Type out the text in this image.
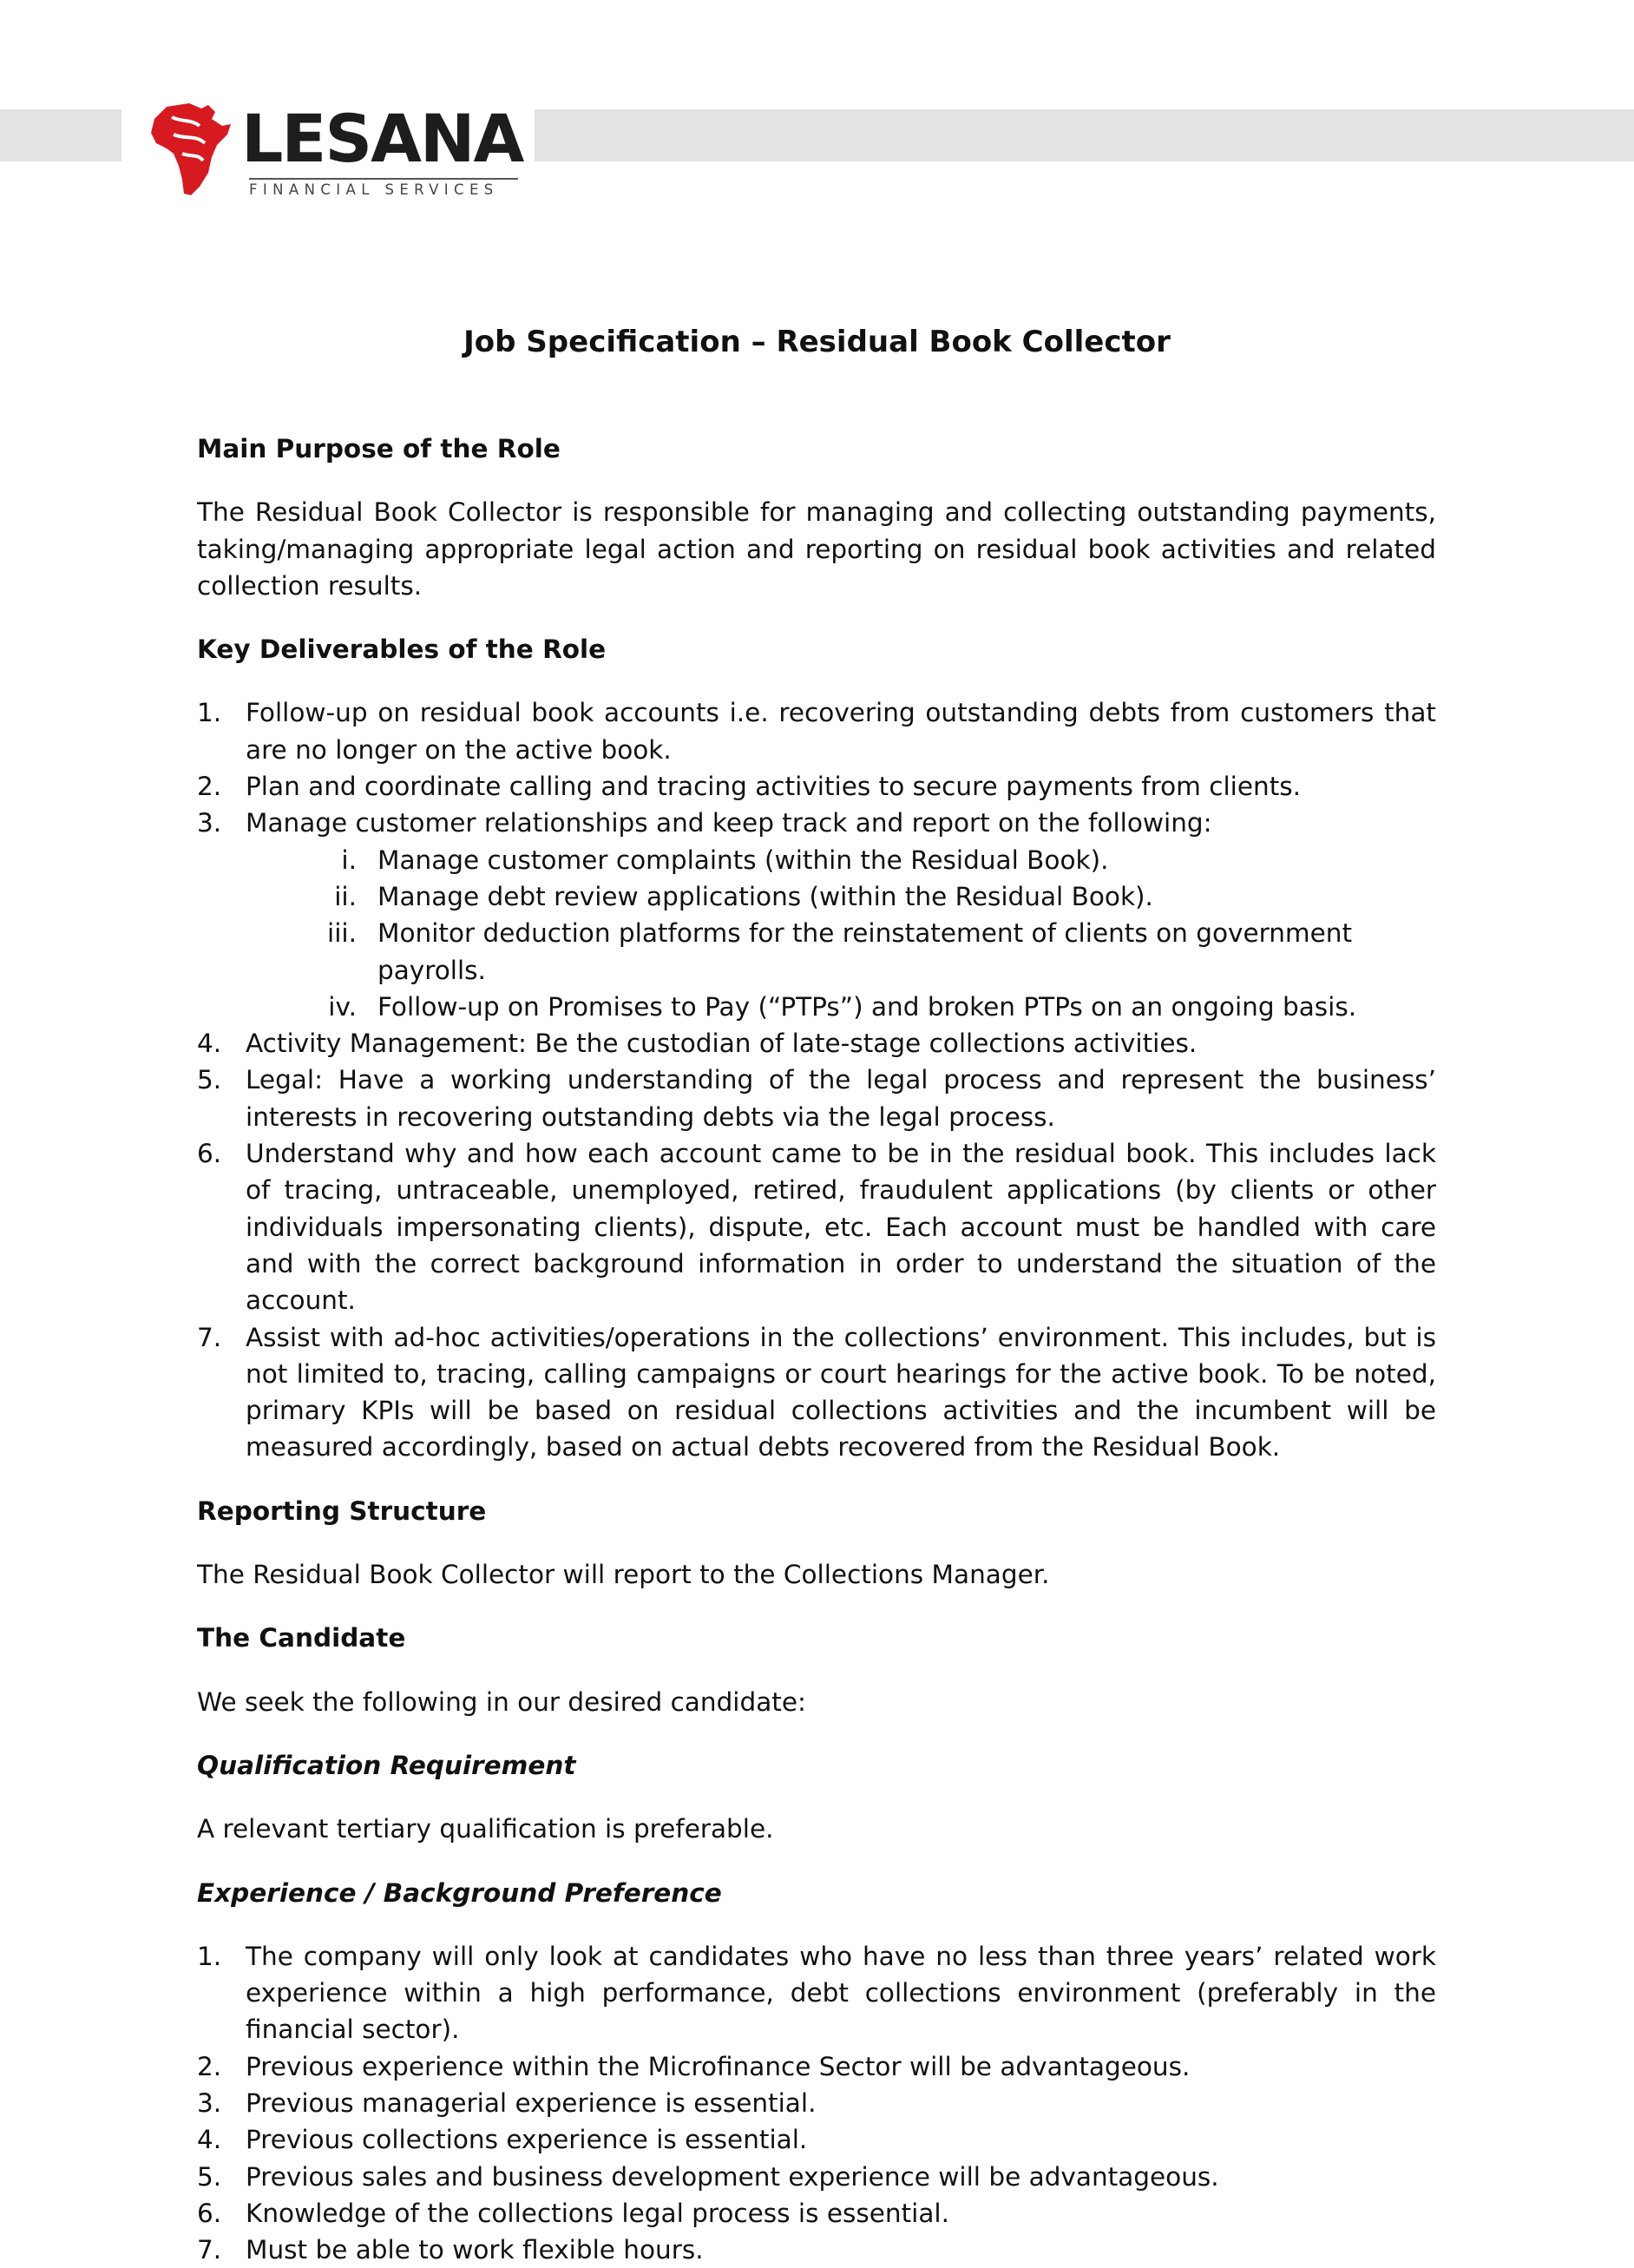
LESANA
FINANCIAL SERVICES
Job Specification – Residual Book Collector

Main Purpose of the Role

The Residual Book Collector is responsible for managing and collecting outstanding payments, taking/managing appropriate legal action and reporting on residual book activities and related collection results.

Key Deliverables of the Role

1. Follow-up on residual book accounts i.e. recovering outstanding debts from customers that are no longer on the active book.
2. Plan and coordinate calling and tracing activities to secure payments from clients.
3. Manage customer relationships and keep track and report on the following:
i. Manage customer complaints (within the Residual Book).
ii. Manage debt review applications (within the Residual Book).
iii. Monitor deduction platforms for the reinstatement of clients on government payrolls.
iv. Follow-up on Promises to Pay (“PTPs”) and broken PTPs on an ongoing basis.
4. Activity Management: Be the custodian of late-stage collections activities.
5. Legal: Have a working understanding of the legal process and represent the business’ interests in recovering outstanding debts via the legal process.
6. Understand why and how each account came to be in the residual book. This includes lack of tracing, untraceable, unemployed, retired, fraudulent applications (by clients or other individuals impersonating clients), dispute, etc. Each account must be handled with care and with the correct background information in order to understand the situation of the account.
7. Assist with ad-hoc activities/operations in the collections’ environment. This includes, but is not limited to, tracing, calling campaigns or court hearings for the active book. To be noted, primary KPIs will be based on residual collections activities and the incumbent will be measured accordingly, based on actual debts recovered from the Residual Book.

Reporting Structure

The Residual Book Collector will report to the Collections Manager.

The Candidate

We seek the following in our desired candidate:

Qualification Requirement

A relevant tertiary qualification is preferable.

Experience / Background Preference

1. The company will only look at candidates who have no less than three years’ related work experience within a high performance, debt collections environment (preferably in the financial sector).
2. Previous experience within the Microfinance Sector will be advantageous.
3. Previous managerial experience is essential.
4. Previous collections experience is essential.
5. Previous sales and business development experience will be advantageous.
6. Knowledge of the collections legal process is essential.
7. Must be able to work flexible hours.
